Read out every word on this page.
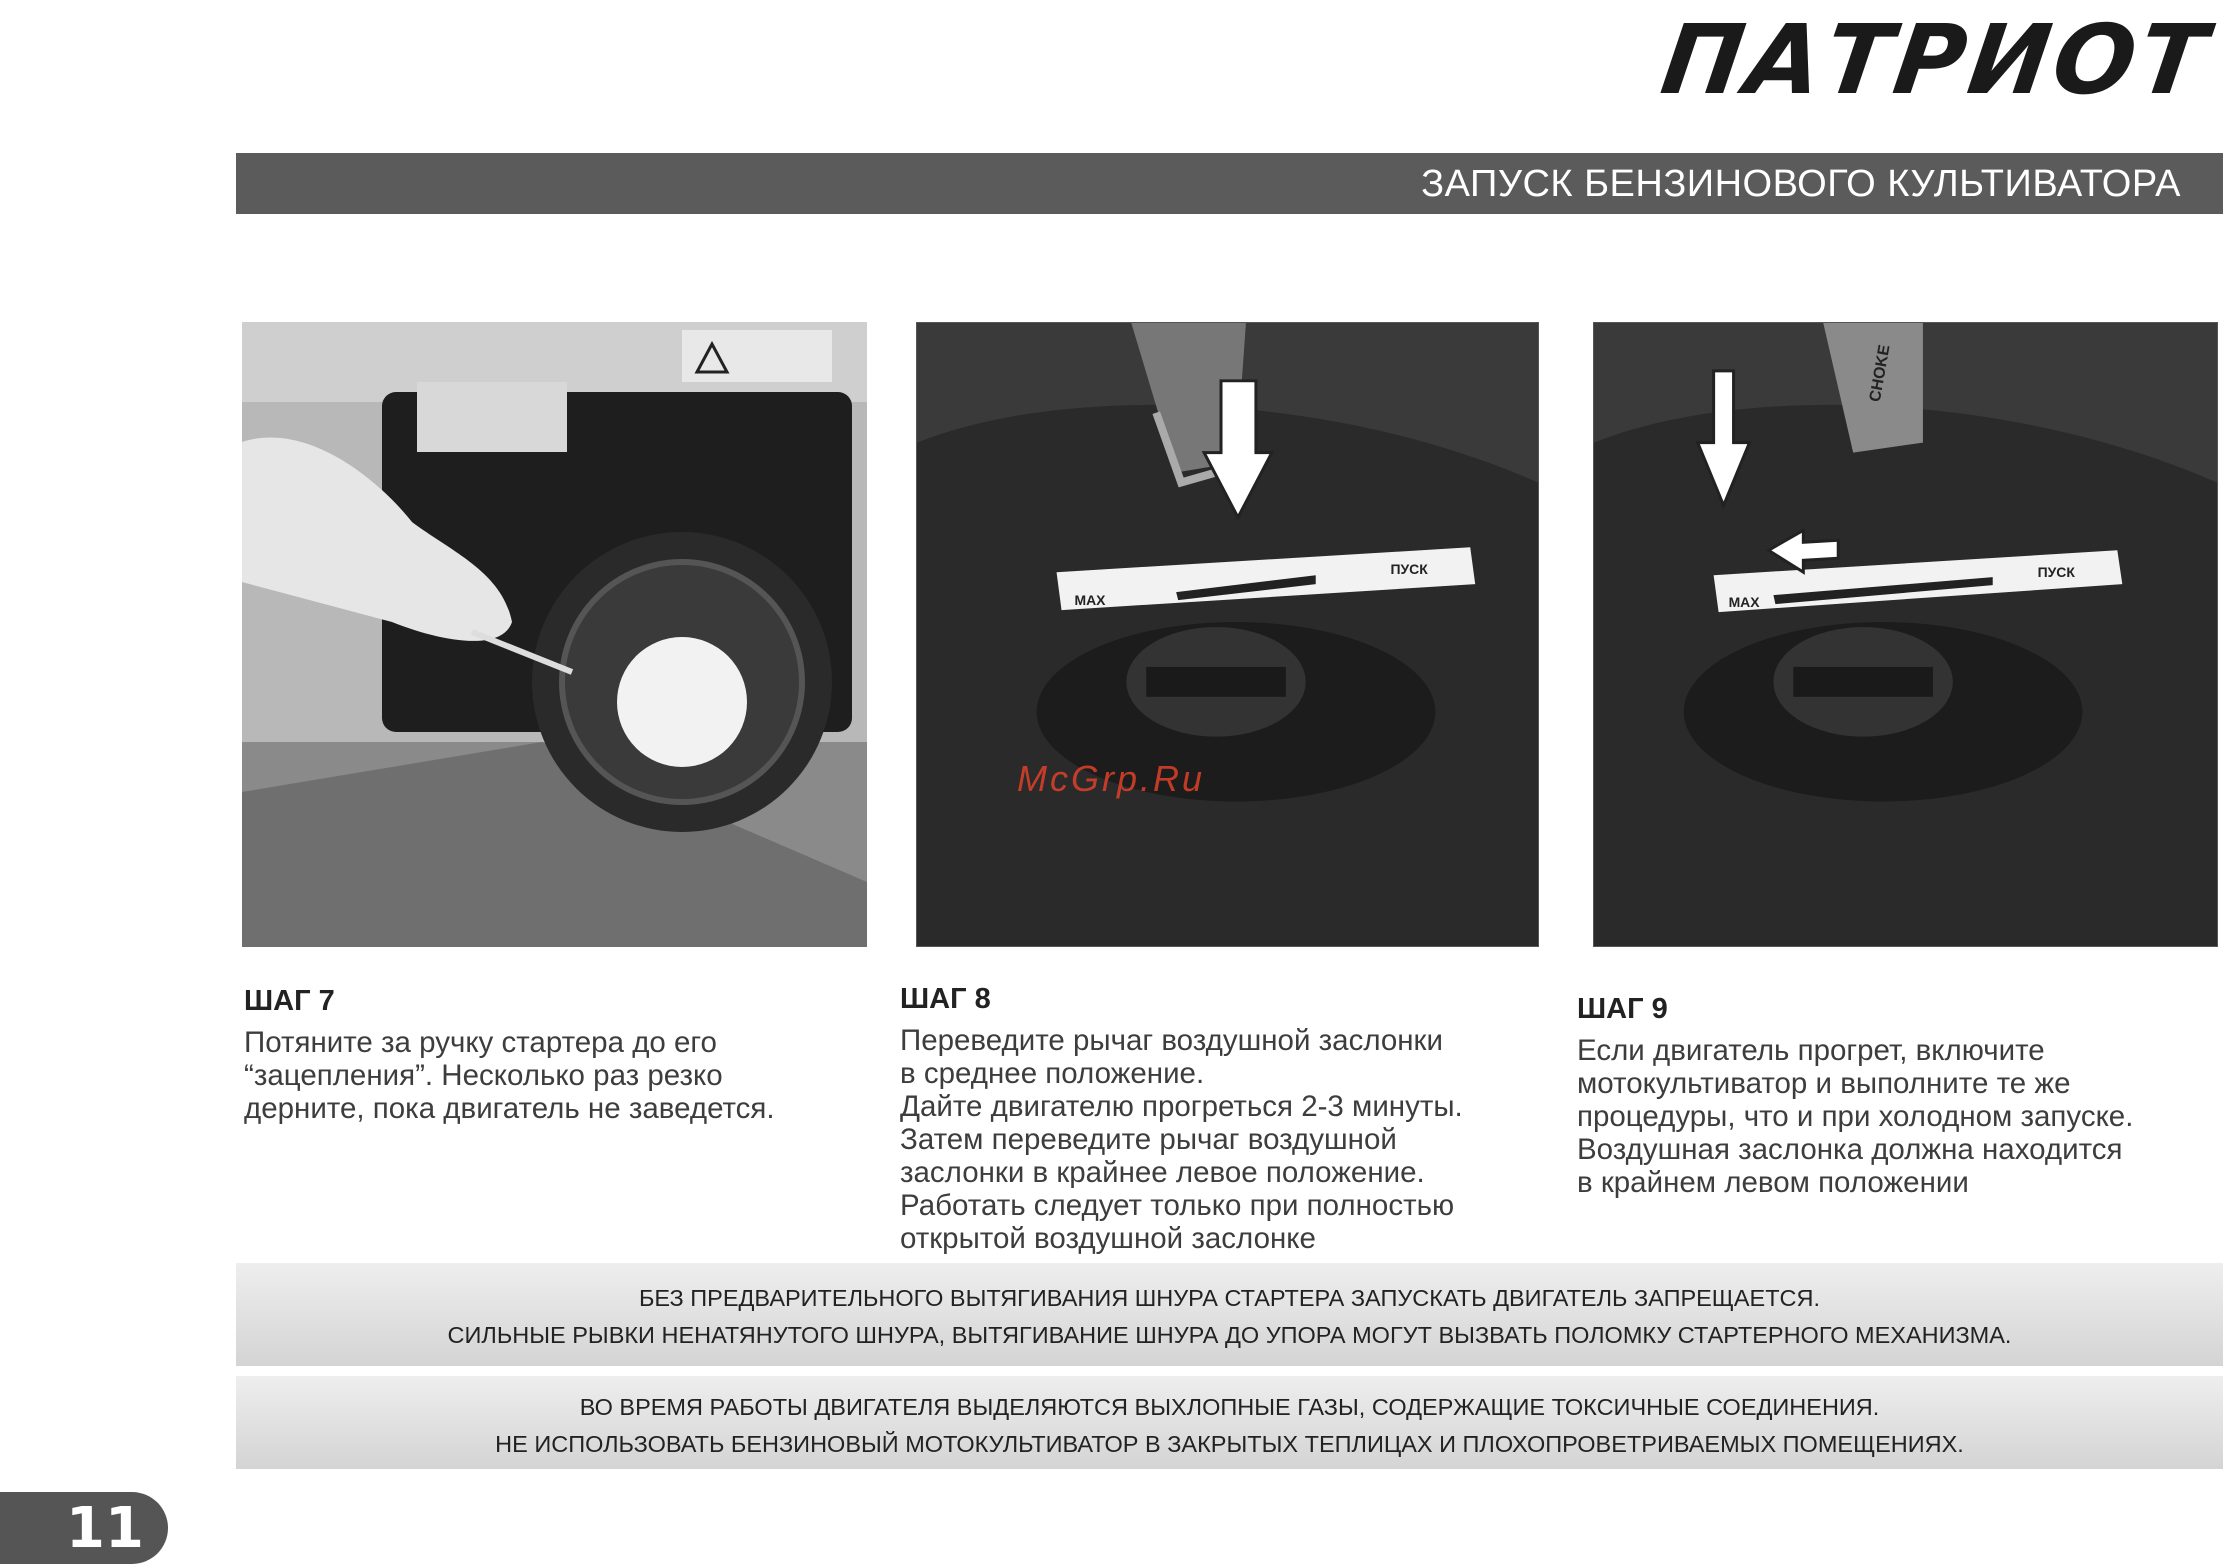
ПАТРИОТ
ЗАПУСК БЕНЗИНОВОГО КУЛЬТИВАТОРА
MAX
ПУСК
CHOKE
MAX
ПУСК
McGrp.Ru
ШАГ 7

Потяните за ручку стартера до его
“зацепления”. Несколько раз резко
дерните, пока двигатель не заведется.

ШАГ 8

Переведите рычаг воздушной заслонки
в среднее положение.
Дайте двигателю прогреться 2-3 минуты.
Затем переведите рычаг воздушной
заслонки в крайнее левое положение.
Работать следует только при полностью
открытой воздушной заслонке

ШАГ 9

Если двигатель прогрет, включите
мотокультиватор и выполните те же
процедуры, что и при холодном запуске.
Воздушная заслонка должна находится
в крайнем левом положении

БЕЗ ПРЕДВАРИТЕЛЬНОГО ВЫТЯГИВАНИЯ ШНУРА СТАРТЕРА ЗАПУСКАТЬ ДВИГАТЕЛЬ ЗАПРЕЩАЕТСЯ.

СИЛЬНЫЕ РЫВКИ НЕНАТЯНУТОГО ШНУРА, ВЫТЯГИВАНИЕ ШНУРА ДО УПОРА МОГУТ ВЫЗВАТЬ ПОЛОМКУ СТАРТЕРНОГО МЕХАНИЗМА.

ВО ВРЕМЯ РАБОТЫ ДВИГАТЕЛЯ ВЫДЕЛЯЮТСЯ ВЫХЛОПНЫЕ ГАЗЫ, СОДЕРЖАЩИЕ ТОКСИЧНЫЕ СОЕДИНЕНИЯ.

НЕ ИСПОЛЬЗОВАТЬ БЕНЗИНОВЫЙ МОТОКУЛЬТИВАТОР В ЗАКРЫТЫХ ТЕПЛИЦАХ И ПЛОХОПРОВЕТРИВАЕМЫХ ПОМЕЩЕНИЯХ.

11
